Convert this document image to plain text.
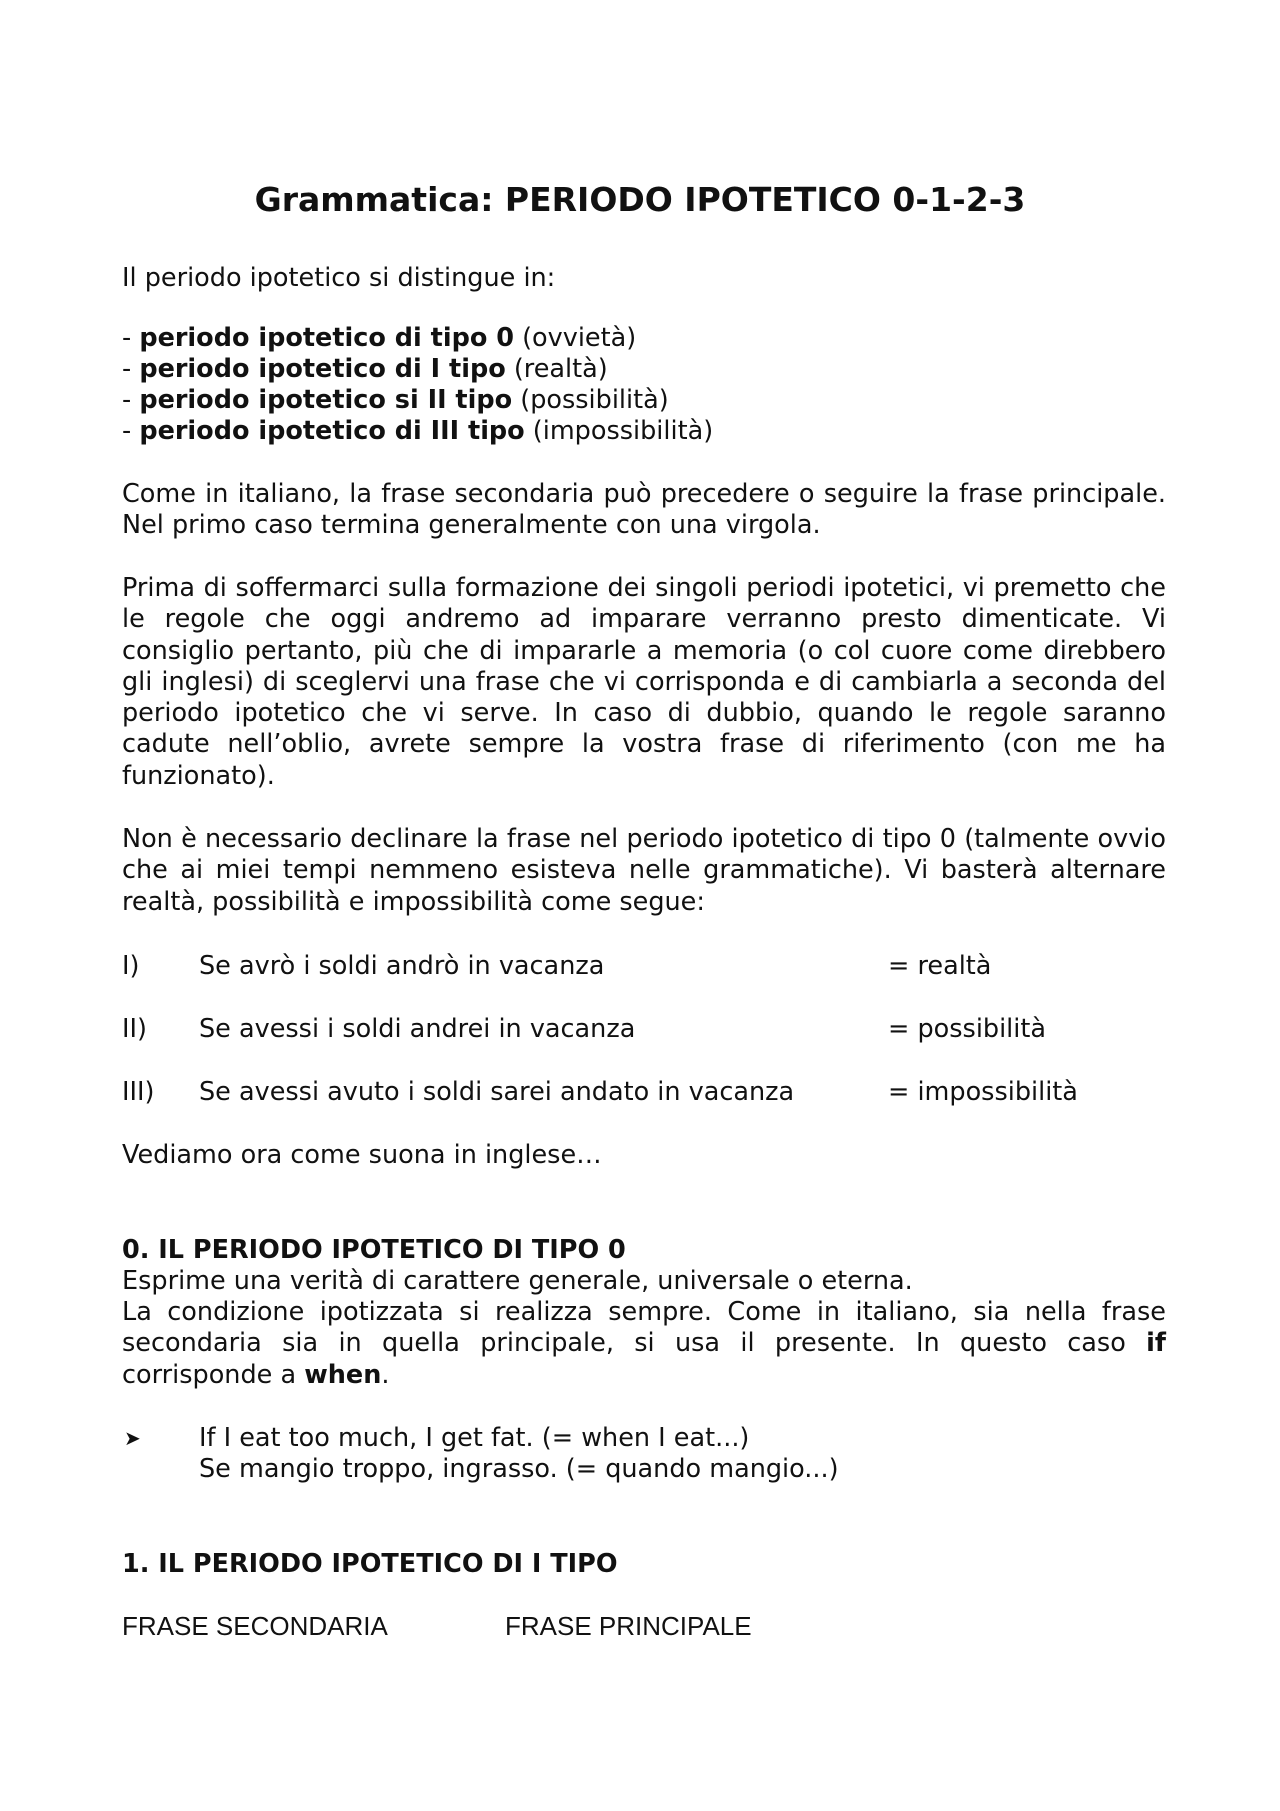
Grammatica: PERIODO IPOTETICO 0-1-2-3
Il periodo ipotetico si distingue in:
- periodo ipotetico di tipo 0 (ovvietà)
- periodo ipotetico di I tipo (realtà)
- periodo ipotetico si II tipo (possibilità)
- periodo ipotetico di III tipo (impossibilità)
Come in italiano, la frase secondaria può precedere o seguire la frase principale. Nel primo caso termina generalmente con una virgola.
Prima di soffermarci sulla formazione dei singoli periodi ipotetici, vi premetto che le regole che oggi andremo ad imparare verranno presto dimenticate. Vi consiglio pertanto, più che di impararle a memoria (o col cuore come direbbero gli inglesi) di sceglervi una frase che vi corrisponda e di cambiarla a seconda del periodo ipotetico che vi serve. In caso di dubbio, quando le regole saranno cadute nell’oblio, avrete sempre la vostra frase di riferimento (con me ha funzionato).
Non è necessario declinare la frase nel periodo ipotetico di tipo 0 (talmente ovvio che ai miei tempi nemmeno esisteva nelle grammatiche). Vi basterà alternare realtà, possibilità e impossibilità come segue:
I) Se avrò i soldi andrò in vacanza	= realtà
II) Se avessi i soldi andrei in vacanza	= possibilità
III) Se avessi avuto i soldi sarei andato in vacanza	= impossibilità
Vediamo ora come suona in inglese…
0. IL PERIODO IPOTETICO DI TIPO 0
Esprime una verità di carattere generale, universale o eterna.
La condizione ipotizzata si realizza sempre. Come in italiano, sia nella frase secondaria sia in quella principale, si usa il presente. In questo caso if corrisponde a when.
➤ If I eat too much, I get fat. (= when I eat...)
Se mangio troppo, ingrasso. (= quando mangio...)
1. IL PERIODO IPOTETICO DI I TIPO
FRASE SECONDARIA	FRASE PRINCIPALE
